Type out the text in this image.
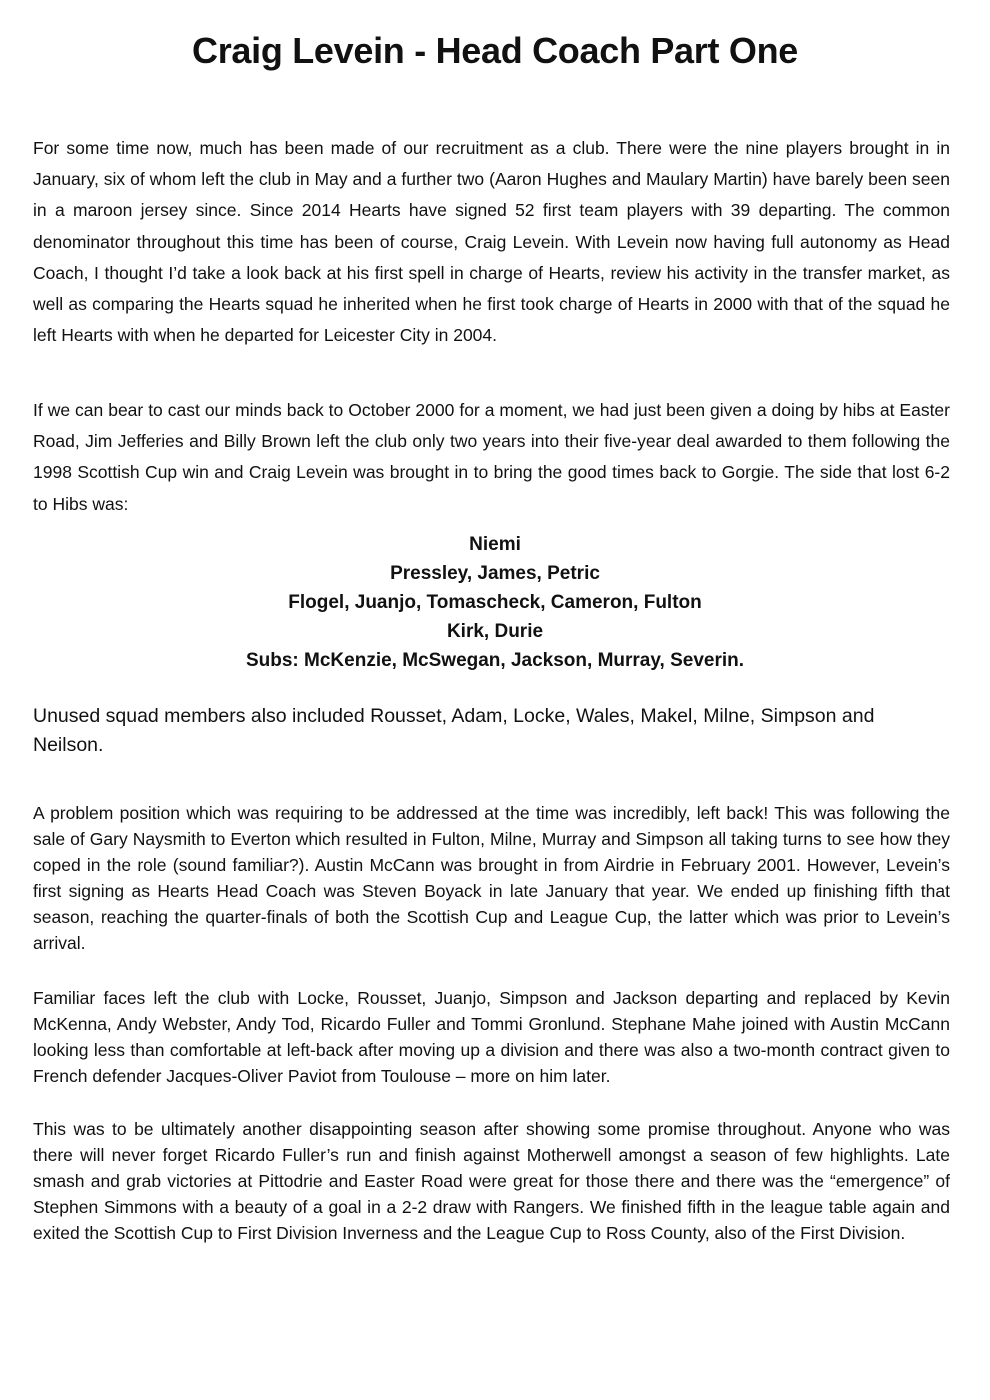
Craig Levein - Head Coach Part One

For some time now, much has been made of our recruitment as a club. There were the nine players brought in in January, six of whom left the club in May and a further two (Aaron Hughes and Maulary Martin) have barely been seen in a maroon jersey since. Since 2014 Hearts have signed 52 first team players with 39 departing. The common denominator throughout this time has been of course, Craig Levein. With Levein now having full autonomy as Head Coach, I thought I’d take a look back at his first spell in charge of Hearts, review his activity in the transfer market, as well as comparing the Hearts squad he inherited when he first took charge of Hearts in 2000 with that of the squad he left Hearts with when he departed for Leicester City in 2004.

If we can bear to cast our minds back to October 2000 for a moment, we had just been given a doing by hibs at Easter Road, Jim Jefferies and Billy Brown left the club only two years into their five-year deal awarded to them following the 1998 Scottish Cup win and Craig Levein was brought in to bring the good times back to Gorgie. The side that lost 6-2 to Hibs was:

Niemi
Pressley, James, Petric
Flogel, Juanjo, Tomascheck, Cameron, Fulton
Kirk, Durie
Subs: McKenzie, McSwegan, Jackson, Murray, Severin.

Unused squad members also included Rousset, Adam, Locke, Wales, Makel, Milne, Simpson and Neilson.

A problem position which was requiring to be addressed at the time was incredibly, left back! This was following the sale of Gary Naysmith to Everton which resulted in Fulton, Milne, Murray and Simpson all taking turns to see how they coped in the role (sound familiar?). Austin McCann was brought in from Airdrie in February 2001. However, Levein’s first signing as Hearts Head Coach was Steven Boyack in late January that year. We ended up finishing fifth that season, reaching the quarter-finals of both the Scottish Cup and League Cup, the latter which was prior to Levein’s arrival.

Familiar faces left the club with Locke, Rousset, Juanjo, Simpson and Jackson departing and replaced by Kevin McKenna, Andy Webster, Andy Tod, Ricardo Fuller and Tommi Gronlund. Stephane Mahe joined with Austin McCann looking less than comfortable at left-back after moving up a division and there was also a two-month contract given to French defender Jacques-Oliver Paviot from Toulouse – more on him later.

This was to be ultimately another disappointing season after showing some promise throughout. Anyone who was there will never forget Ricardo Fuller’s run and finish against Motherwell amongst a season of few highlights. Late smash and grab victories at Pittodrie and Easter Road were great for those there and there was the “emergence” of Stephen Simmons with a beauty of a goal in a 2-2 draw with Rangers. We finished fifth in the league table again and exited the Scottish Cup to First Division Inverness and the League Cup to Ross County, also of the First Division.
